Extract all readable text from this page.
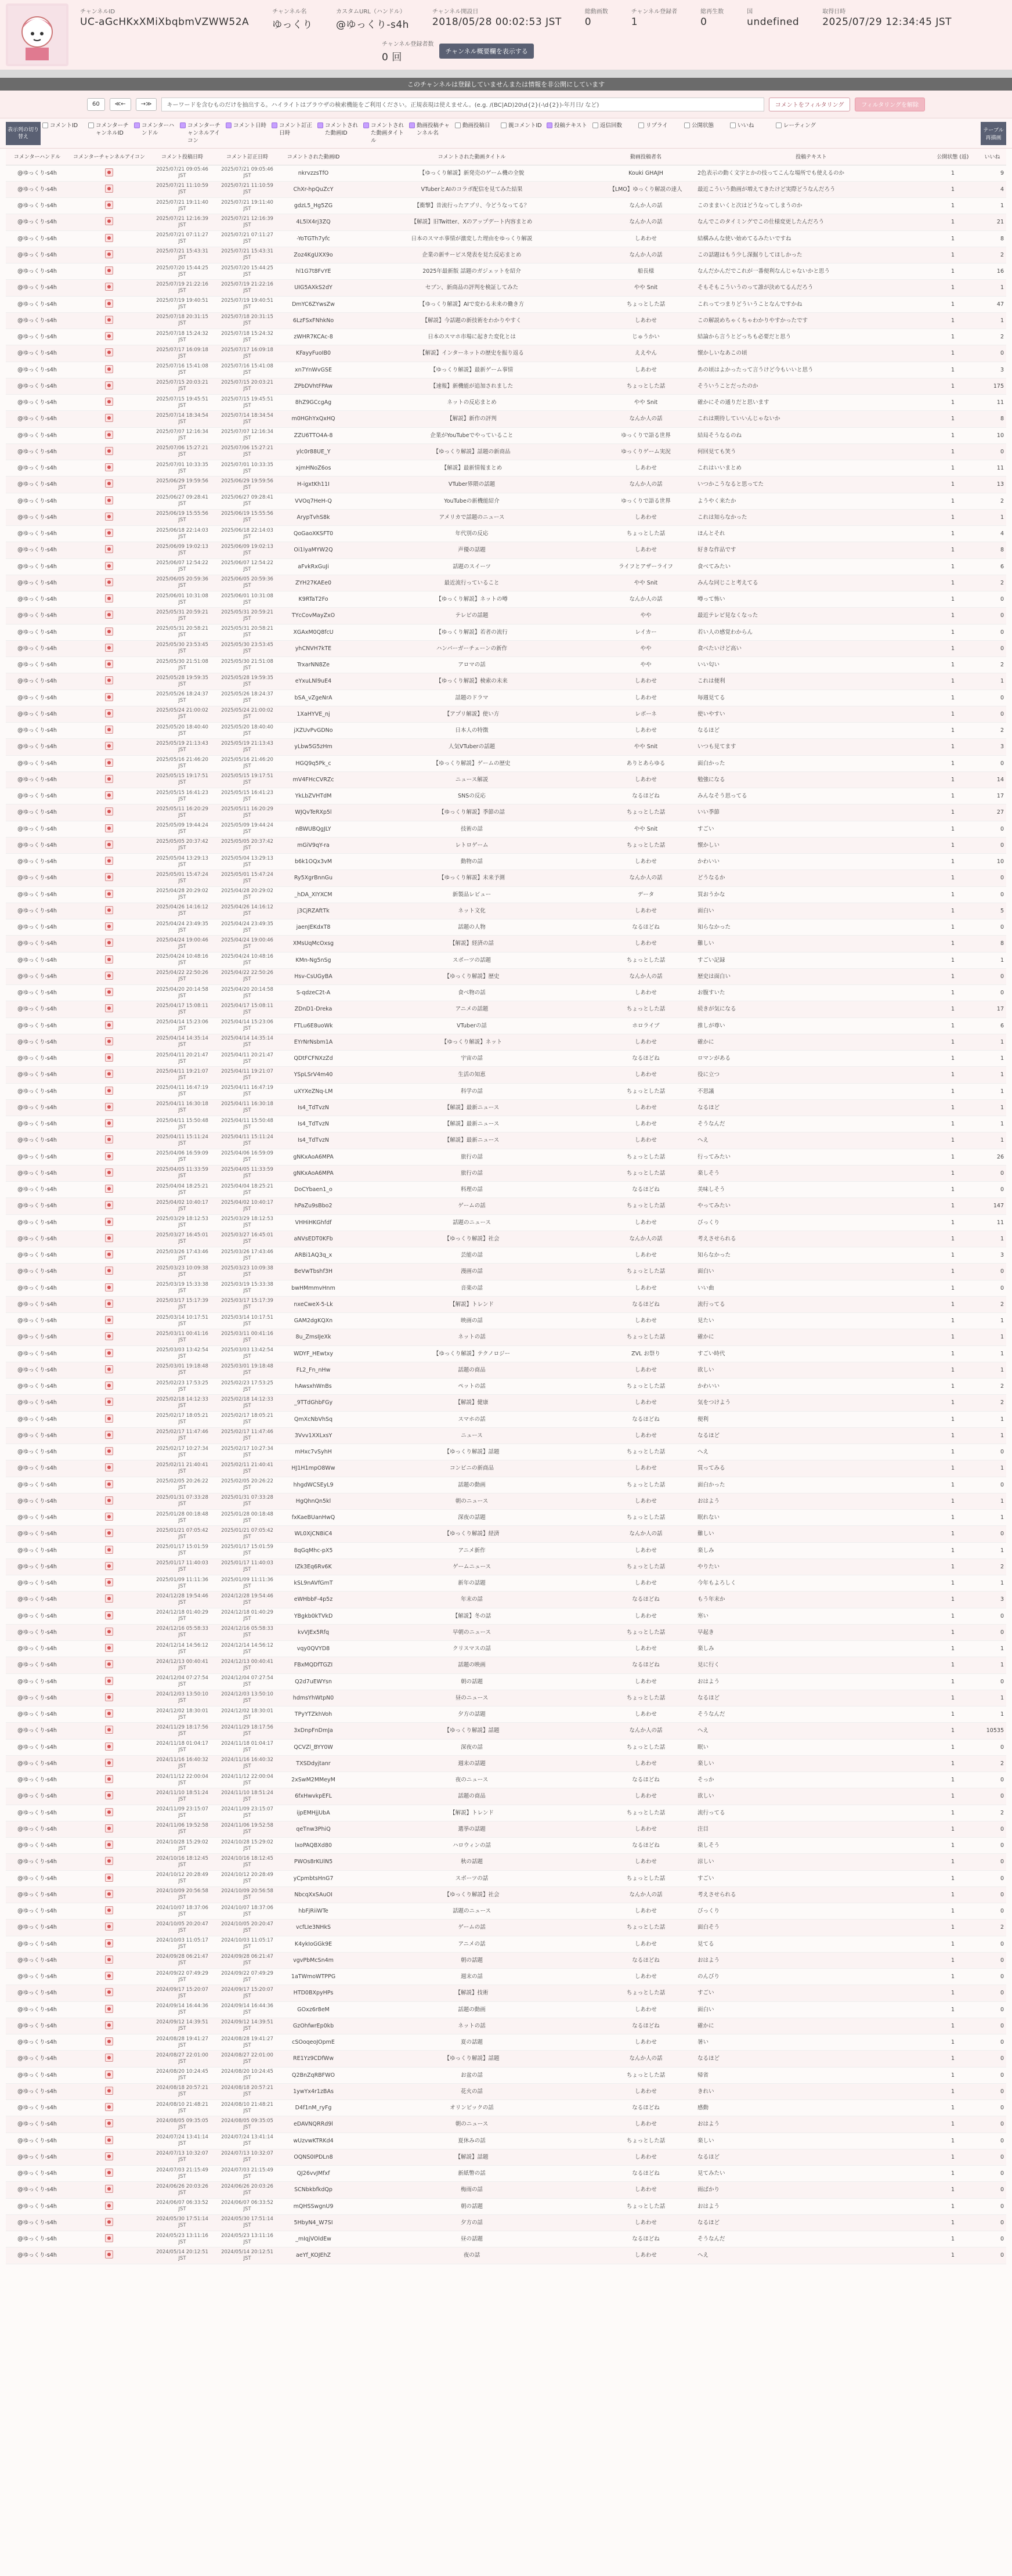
チャンネルID
UC-aGcHKxXMiXbqbmVZWW52A
チャンネル名
ゆっくり
カスタムURL（ハンドル）
@ゆっくり-s4h
チャンネル開設日
2018/05/28 00:02:53 JST
総動画数
0
チャンネル登録者
1
総再生数
0
国
undefined
取得日時
2025/07/29 12:34:45 JST
チャンネル登録者数
0 回
チャンネル概要欄を表示する
このチャンネルは登録していませんまたは情報を非公開にしています
60	≪←	→≫	キーワードを含むものだけを抽出する。ハイライトはブラウザの検索機能をご利用ください。正規表現は使えません。(e.g. /(BC|AD)20\d{2}(-\d{2})-年月日/ など)	コメントをフィルタリング	フィルタリングを解除
表示列の切り替え
コメントID	コメンターチャンネルID
コメンターハンドル
コメンターチャンネルアイコン
コメント日時 コメント訂正日時
コメントされた動画ID
コメントされた動画タイトル
動画投稿チャンネル名
動画投稿日	親コメントID 投稿テキスト 返信回数	リプライ	公開状態	いいね	レーティング
テーブル再描画
コメンターハンドル	コメンターチャンネルアイコン	コメント投稿日時	コメント訂正日時	コメントされた動画ID	コメントされた動画タイトル	動画投稿者名	投稿テキスト	公開状態 (返)	いいね
@ゆっくり-s4h		2025/07/21 09:05:46 JST	2025/07/21 09:05:46 JST	nkrvzzsTfO	【ゆっくり解説】新発売のゲーム機の全貌	Kouki GHAJH	2色表示の動く文字とかの技ってこんな場所でも使えるのか	1	9
@ゆっくり-s4h		2025/07/21 11:10:59 JST	2025/07/21 11:10:59 JST	ChXr-hpQuZcY	VTuberとAIのコラボ配信を見てみた結果	【LMO】ゆっくり解説の達人	最近こういう動画が増えてきたけど実際どうなんだろう	1	4
@ゆっくり-s4h		2025/07/21 19:11:40 JST	2025/07/21 19:11:40 JST	gdzL5_Hg5ZG	【衝撃】昔流行ったアプリ、今どうなってる？	なんか人の話	このままいくと次はどうなってしまうのか	1	1
@ゆっくり-s4h		2025/07/21 12:16:39 JST	2025/07/21 12:16:39 JST	4L5lX4rj3ZQ	【解説】旧Twitter、Xのアップデート内容まとめ	なんか人の話	なんでこのタイミングでこの仕様変更したんだろう	1	21
@ゆっくり-s4h		2025/07/21 07:11:27 JST	2025/07/21 07:11:27 JST	-YoTGTh7yfc	日本のスマホ事情が激変した理由をゆっくり解説	しあわせ	結構みんな使い始めてるみたいですね	1	8
@ゆっくり-s4h		2025/07/21 15:43:31 JST	2025/07/21 15:43:31 JST	Zoz4KgUXX9o	企業の新サービス発表を見た反応まとめ	なんか人の話	この話題はもう少し深掘りしてほしかった	1	2
@ゆっくり-s4h		2025/07/20 15:44:25 JST	2025/07/20 15:44:25 JST	hl1G7t8FvYE	2025年最新版 話題のガジェットを紹介	船長様	なんだかんだでこれが一番便利なんじゃないかと思う	1	16
@ゆっくり-s4h		2025/07/19 21:22:16 JST	2025/07/19 21:22:16 JST	UIG5AXkS2dY	セブン、新商品の評判を検証してみた	やや Snit	そもそもこういうのって誰が決めてるんだろう	1	1
@ゆっくり-s4h		2025/07/19 19:40:51 JST	2025/07/19 19:40:51 JST	DmYC6ZYwsZw	【ゆっくり解説】AIで変わる未来の働き方	ちょっとした話	これってつまりどういうことなんですかね	1	47
@ゆっくり-s4h		2025/07/18 20:31:15 JST	2025/07/18 20:31:15 JST	6LzFSxFNhkNo	【解説】今話題の新技術をわかりやすく	しあわせ	この解説めちゃくちゃわかりやすかったです	1	1
@ゆっくり-s4h		2025/07/18 15:24:32 JST	2025/07/18 15:24:32 JST	zWHR7KCAc-8	日本のスマホ市場に起きた変化とは	じゅうかい	結論から言うとどっちも必要だと思う	1	2
@ゆっくり-s4h		2025/07/17 16:09:18 JST	2025/07/17 16:09:18 JST	KFayyFuoIB0	【解説】インターネットの歴史を振り返る	ええやん	懐かしいなあこの頃	1	0
@ゆっくり-s4h		2025/07/16 15:41:08 JST	2025/07/16 15:41:08 JST	xn7YnWvGSE	【ゆっくり解説】最新ゲーム事情	しあわせ	あの頃はよかったって言うけど今もいいと思う	1	3
@ゆっくり-s4h		2025/07/15 20:03:21 JST	2025/07/15 20:03:21 JST	ZPbDVhtFPAw	【速報】新機能が追加されました	ちょっとした話	そういうことだったのか	1	175
@ゆっくり-s4h		2025/07/15 19:45:51 JST	2025/07/15 19:45:51 JST	8hZ9GCcgAg	ネットの反応まとめ	やや Snit	確かにその通りだと思います	1	11
@ゆっくり-s4h		2025/07/14 18:34:54 JST	2025/07/14 18:34:54 JST	m0HGhYxQxHQ	【解説】新作の評判	なんか人の話	これは期待していいんじゃないか	1	8
@ゆっくり-s4h		2025/07/07 12:16:34 JST	2025/07/07 12:16:34 JST	ZZU6TTO4A-8	企業がYouTubeでやっていること	ゆっくりで語る世界	結局そうなるのね	1	10
@ゆっくり-s4h		2025/07/06 15:27:21 JST	2025/07/06 15:27:21 JST	ylc0r88UE_Y	【ゆっくり解説】話題の新商品	ゆっくりゲーム実況	何回見ても笑う	1	0
@ゆっくり-s4h		2025/07/01 10:33:35 JST	2025/07/01 10:33:35 JST	xjmHNoZ6os	【解説】最新情報まとめ	しあわせ	これはいいまとめ	1	11
@ゆっくり-s4h		2025/06/29 19:59:56 JST	2025/06/29 19:59:56 JST	H-igxtKh11I	VTuber界隈の話題	なんか人の話	いつかこうなると思ってた	1	13
@ゆっくり-s4h		2025/06/27 09:28:41 JST	2025/06/27 09:28:41 JST	VVOq7HeH-Q	YouTubeの新機能紹介	ゆっくりで語る世界	ようやく来たか	1	2
@ゆっくり-s4h		2025/06/19 15:55:56 JST	2025/06/19 15:55:56 JST	ArypTvhS8k	アメリカで話題のニュース	しあわせ	これは知らなかった	1	1
@ゆっくり-s4h		2025/06/18 22:14:03 JST	2025/06/18 22:14:03 JST	QoGaoXKSFT0	年代別の反応	ちょっとした話	ほんとそれ	1	4
@ゆっくり-s4h		2025/06/09 19:02:13 JST	2025/06/09 19:02:13 JST	Oi1lyaMYW2Q	声優の話題	しあわせ	好きな作品です	1	8
@ゆっくり-s4h		2025/06/07 12:54:22 JST	2025/06/07 12:54:22 JST	aFvkRxGuJi	話題のスイーツ	ライフとアザーライフ	食べてみたい	1	6
@ゆっくり-s4h		2025/06/05 20:59:36 JST	2025/06/05 20:59:36 JST	ZYH27KAEe0	最近流行っていること	やや Snit	みんな同じこと考えてる	1	2
@ゆっくり-s4h		2025/06/01 10:31:08 JST	2025/06/01 10:31:08 JST	K9RTaT2Fo	【ゆっくり解説】ネットの噂	なんか人の話	噂って怖い	1	0
@ゆっくり-s4h		2025/05/31 20:59:21 JST	2025/05/31 20:59:21 JST	TYcCovMayZxO	テレビの話題	やや	最近テレビ見なくなった	1	0
@ゆっくり-s4h		2025/05/31 20:58:21 JST	2025/05/31 20:58:21 JST	XGAxM0Q8fcU	【ゆっくり解説】若者の流行	レイカー	若い人の感覚わからん	1	0
@ゆっくり-s4h		2025/05/30 23:53:45 JST	2025/05/30 23:53:45 JST	yhCNVH7kTE	ハンバーガーチェーンの新作	やや	食べたいけど高い	1	0
@ゆっくり-s4h		2025/05/30 21:51:08 JST	2025/05/30 21:51:08 JST	TrxarNN8Ze	アロマの話	やや	いい匂い	1	2
@ゆっくり-s4h		2025/05/28 19:59:35 JST	2025/05/28 19:59:35 JST	eYxuLNl9uE4	【ゆっくり解説】検索の未来	しあわせ	これは便利	1	1
@ゆっくり-s4h		2025/05/26 18:24:37 JST	2025/05/26 18:24:37 JST	bSA_vZgeNrA	話題のドラマ	しあわせ	毎週見てる	1	0
@ゆっくり-s4h		2025/05/24 21:00:02 JST	2025/05/24 21:00:02 JST	1XaHYVE_nj	【アプリ解説】使い方	レボーネ	使いやすい	1	0
@ゆっくり-s4h		2025/05/20 18:40:40 JST	2025/05/20 18:40:40 JST	jXZUvPvGDNo	日本人の特徴	しあわせ	なるほど	1	2
@ゆっくり-s4h		2025/05/19 21:13:43 JST	2025/05/19 21:13:43 JST	yLbw5G5zHm	人気VTuberの話題	やや Snit	いつも見てます	1	3
@ゆっくり-s4h		2025/05/16 21:46:20 JST	2025/05/16 21:46:20 JST	HGQ9q5Pk_c	【ゆっくり解説】ゲームの歴史	ありとあらゆる	面白かった	1	0
@ゆっくり-s4h		2025/05/15 19:17:51 JST	2025/05/15 19:17:51 JST	mV4FHcCVRZc	ニュース解説	しあわせ	勉強になる	1	14
@ゆっくり-s4h		2025/05/15 16:41:23 JST	2025/05/15 16:41:23 JST	YkLbZVHTdM	SNSの反応	なるほどね	みんなそう思ってる	1	17
@ゆっくり-s4h		2025/05/11 16:20:29 JST	2025/05/11 16:20:29 JST	WJQvTeRXp5l	【ゆっくり解説】季節の話	ちょっとした話	いい季節	1	27
@ゆっくり-s4h		2025/05/09 19:44:24 JST	2025/05/09 19:44:24 JST	nBWUBQgJLY	技術の話	やや Snit	すごい	1	0
@ゆっくり-s4h		2025/05/05 20:37:42 JST	2025/05/05 20:37:42 JST	mGiV9qY-ra	レトロゲーム	ちょっとした話	懐かしい	1	0
@ゆっくり-s4h		2025/05/04 13:29:13 JST	2025/05/04 13:29:13 JST	b6k1OQx3vM	動物の話	しあわせ	かわいい	1	10
@ゆっくり-s4h		2025/05/01 15:47:24 JST	2025/05/01 15:47:24 JST	Ry5XgrBnnGu	【ゆっくり解説】未来予測	なんか人の話	どうなるか	1	0
@ゆっくり-s4h		2025/04/28 20:29:02 JST	2025/04/28 20:29:02 JST	_hDA_XIYXCM	新製品レビュー	データ	買おうかな	1	0
@ゆっくり-s4h		2025/04/26 14:16:12 JST	2025/04/26 14:16:12 JST	j3CjRZAftTk	ネット文化	しあわせ	面白い	1	5
@ゆっくり-s4h		2025/04/24 23:49:35 JST	2025/04/24 23:49:35 JST	jaenJEKdxT8	話題の人物	なるほどね	知らなかった	1	0
@ゆっくり-s4h		2025/04/24 19:00:46 JST	2025/04/24 19:00:46 JST	XMsUqMcOxsg	【解説】経済の話	しあわせ	難しい	1	8
@ゆっくり-s4h		2025/04/24 10:48:16 JST	2025/04/24 10:48:16 JST	KMn-Ng5nSg	スポーツの話題	ちょっとした話	すごい記録	1	1
@ゆっくり-s4h		2025/04/22 22:50:26 JST	2025/04/22 22:50:26 JST	Hsv-CsUGyBA	【ゆっくり解説】歴史	なんか人の話	歴史は面白い	1	0
@ゆっくり-s4h		2025/04/20 20:14:58 JST	2025/04/20 20:14:58 JST	S-qdzeC2t-A	食べ物の話	しあわせ	お腹すいた	1	0
@ゆっくり-s4h		2025/04/17 15:08:11 JST	2025/04/17 15:08:11 JST	ZDnD1-Dreka	アニメの話題	ちょっとした話	続きが気になる	1	17
@ゆっくり-s4h		2025/04/14 15:23:06 JST	2025/04/14 15:23:06 JST	FTLu6E8uoWk	VTuberの話	ホロライブ	推しが尊い	1	6
@ゆっくり-s4h		2025/04/14 14:35:14 JST	2025/04/14 14:35:14 JST	EYrNrNsbm1A	【ゆっくり解説】ネット	しあわせ	確かに	1	1
@ゆっくり-s4h		2025/04/11 20:21:47 JST	2025/04/11 20:21:47 JST	QDtFCFNXzZd	宇宙の話	なるほどね	ロマンがある	1	1
@ゆっくり-s4h		2025/04/11 19:21:07 JST	2025/04/11 19:21:07 JST	YSpLSrV4m40	生活の知恵	しあわせ	役に立つ	1	1
@ゆっくり-s4h		2025/04/11 16:47:19 JST	2025/04/11 16:47:19 JST	uXYXeZNq-LM	科学の話	ちょっとした話	不思議	1	1
@ゆっくり-s4h		2025/04/11 16:30:18 JST	2025/04/11 16:30:18 JST	Is4_TdTvzN	【解説】最新ニュース	しあわせ	なるほど	1	1
@ゆっくり-s4h		2025/04/11 15:50:48 JST	2025/04/11 15:50:48 JST	Is4_TdTvzN	【解説】最新ニュース	しあわせ	そうなんだ	1	1
@ゆっくり-s4h		2025/04/11 15:11:24 JST	2025/04/11 15:11:24 JST	Is4_TdTvzN	【解説】最新ニュース	しあわせ	へえ	1	1
@ゆっくり-s4h		2025/04/06 16:59:09 JST	2025/04/06 16:59:09 JST	gNKxAoA6MPA	旅行の話	ちょっとした話	行ってみたい	1	26
@ゆっくり-s4h		2025/04/05 11:33:59 JST	2025/04/05 11:33:59 JST	gNKxAoA6MPA	旅行の話	ちょっとした話	楽しそう	1	0
@ゆっくり-s4h		2025/04/04 18:25:21 JST	2025/04/04 18:25:21 JST	DoCYbaen1_o	料理の話	なるほどね	美味しそう	1	0
@ゆっくり-s4h		2025/04/02 10:40:17 JST	2025/04/02 10:40:17 JST	hPaZu9sBbo2	ゲームの話	ちょっとした話	やってみたい	1	147
@ゆっくり-s4h		2025/03/29 18:12:53 JST	2025/03/29 18:12:53 JST	VHHiHKGhfdf	話題のニュース	しあわせ	びっくり	1	11
@ゆっくり-s4h		2025/03/27 16:45:01 JST	2025/03/27 16:45:01 JST	aNVsEDT0KFb	【ゆっくり解説】社会	なんか人の話	考えさせられる	1	1
@ゆっくり-s4h		2025/03/26 17:43:46 JST	2025/03/26 17:43:46 JST	ARBi1AQ3q_x	芸能の話	しあわせ	知らなかった	1	3
@ゆっくり-s4h		2025/03/23 10:09:38 JST	2025/03/23 10:09:38 JST	BeVwTbshf3H	漫画の話	ちょっとした話	面白い	1	0
@ゆっくり-s4h		2025/03/19 15:33:38 JST	2025/03/19 15:33:38 JST	bwHMmmvHnm	音楽の話	しあわせ	いい曲	1	0
@ゆっくり-s4h		2025/03/17 15:17:39 JST	2025/03/17 15:17:39 JST	nxeCweX-5-Lk	【解説】トレンド	なるほどね	流行ってる	1	2
@ゆっくり-s4h		2025/03/14 10:17:51 JST	2025/03/14 10:17:51 JST	GAM2dgKQXn	映画の話	しあわせ	見たい	1	1
@ゆっくり-s4h		2025/03/11 00:41:16 JST	2025/03/11 00:41:16 JST	8u_ZmsIJeXk	ネットの話	ちょっとした話	確かに	1	1
@ゆっくり-s4h		2025/03/03 13:42:54 JST	2025/03/03 13:42:54 JST	WDYF_HEwtxy	【ゆっくり解説】テクノロジー	ZVL お祭り	すごい時代	1	1
@ゆっくり-s4h		2025/03/01 19:18:48 JST	2025/03/01 19:18:48 JST	FL2_Fn_nHw	話題の商品	しあわせ	欲しい	1	1
@ゆっくり-s4h		2025/02/23 17:53:25 JST	2025/02/23 17:53:25 JST	hAwsxhWnBs	ペットの話	ちょっとした話	かわいい	1	2
@ゆっくり-s4h		2025/02/18 14:12:33 JST	2025/02/18 14:12:33 JST	_9TTdGhbFGy	【解説】健康	しあわせ	気をつけよう	1	2
@ゆっくり-s4h		2025/02/17 18:05:21 JST	2025/02/17 18:05:21 JST	QmXcNbVhSq	スマホの話	なるほどね	便利	1	1
@ゆっくり-s4h		2025/02/17 11:47:46 JST	2025/02/17 11:47:46 JST	3Vvv1XXLxsY	ニュース	しあわせ	なるほど	1	1
@ゆっくり-s4h		2025/02/17 10:27:34 JST	2025/02/17 10:27:34 JST	mHxc7vSyhH	【ゆっくり解説】話題	ちょっとした話	へえ	1	0
@ゆっくり-s4h		2025/02/11 21:40:41 JST	2025/02/11 21:40:41 JST	HJ1H1mpO8Ww	コンビニの新商品	しあわせ	買ってみる	1	1
@ゆっくり-s4h		2025/02/05 20:26:22 JST	2025/02/05 20:26:22 JST	hhgdWCSEyL9	話題の動画	ちょっとした話	面白かった	1	0
@ゆっくり-s4h		2025/01/31 07:33:28 JST	2025/01/31 07:33:28 JST	HgQhnQn5kl	朝のニュース	しあわせ	おはよう	1	1
@ゆっくり-s4h		2025/01/28 00:18:48 JST	2025/01/28 00:18:48 JST	fxKaeBUanHwQ	深夜の話題	ちょっとした話	眠れない	1	1
@ゆっくり-s4h		2025/01/21 07:05:42 JST	2025/01/21 07:05:42 JST	WL0XjCN8iC4	【ゆっくり解説】経済	なんか人の話	難しい	1	0
@ゆっくり-s4h		2025/01/17 15:01:59 JST	2025/01/17 15:01:59 JST	8qGqMhc-pX5	アニメ新作	しあわせ	楽しみ	1	1
@ゆっくり-s4h		2025/01/17 11:40:03 JST	2025/01/17 11:40:03 JST	IZk3Eq6Rv6K	ゲームニュース	ちょっとした話	やりたい	1	2
@ゆっくり-s4h		2025/01/09 11:11:36 JST	2025/01/09 11:11:36 JST	kSL9nAVfGmT	新年の話題	しあわせ	今年もよろしく	1	1
@ゆっくり-s4h		2024/12/28 19:54:46 JST	2024/12/28 19:54:46 JST	eWHbbF-4p5z	年末の話	なるほどね	もう年末か	1	3
@ゆっくり-s4h		2024/12/18 01:40:29 JST	2024/12/18 01:40:29 JST	YBgkb0kTVkD	【解説】冬の話	しあわせ	寒い	1	0
@ゆっくり-s4h		2024/12/16 05:58:33 JST	2024/12/16 05:58:33 JST	kvVJEx5Rfq	早朝のニュース	ちょっとした話	早起き	1	0
@ゆっくり-s4h		2024/12/14 14:56:12 JST	2024/12/14 14:56:12 JST	vqy0QVYD8	クリスマスの話	しあわせ	楽しみ	1	1
@ゆっくり-s4h		2024/12/13 00:40:41 JST	2024/12/13 00:40:41 JST	FBxMQDfTGZI	話題の映画	なるほどね	見に行く	1	1
@ゆっくり-s4h		2024/12/04 07:27:54 JST	2024/12/04 07:27:54 JST	Q2d7uEWYsn	朝の話題	しあわせ	おはよう	1	0
@ゆっくり-s4h		2024/12/03 13:50:10 JST	2024/12/03 13:50:10 JST	hdmsYhWtpN0	昼のニュース	ちょっとした話	なるほど	1	1
@ゆっくり-s4h		2024/12/02 18:30:01 JST	2024/12/02 18:30:01 JST	TPyYTZkhVoh	夕方の話題	しあわせ	そうなんだ	1	1
@ゆっくり-s4h		2024/11/29 18:17:56 JST	2024/11/29 18:17:56 JST	3xDnpFnDmJa	【ゆっくり解説】話題	なんか人の話	へえ	1	10535
@ゆっくり-s4h		2024/11/18 01:04:17 JST	2024/11/18 01:04:17 JST	QCVZl_BYY0W	深夜の話	ちょっとした話	眠い	1	0
@ゆっくり-s4h		2024/11/16 16:40:32 JST	2024/11/16 16:40:32 JST	TXSDdyjtanr	週末の話題	しあわせ	楽しい	1	2
@ゆっくり-s4h		2024/11/12 22:00:04 JST	2024/11/12 22:00:04 JST	2xSwM2MMeyM	夜のニュース	なるほどね	そっか	1	0
@ゆっくり-s4h		2024/11/10 18:51:24 JST	2024/11/10 18:51:24 JST	6fxHwvkpEFL	話題の商品	しあわせ	欲しい	1	0
@ゆっくり-s4h		2024/11/09 23:15:07 JST	2024/11/09 23:15:07 JST	ijpEMHjjUbA	【解説】トレンド	ちょっとした話	流行ってる	1	2
@ゆっくり-s4h		2024/11/06 19:52:58 JST	2024/11/06 19:52:58 JST	qeTnw3PhiQ	選挙の話題	しあわせ	注目	1	0
@ゆっくり-s4h		2024/10/28 15:29:02 JST	2024/10/28 15:29:02 JST	lxoPAQBXd80	ハロウィンの話	なるほどね	楽しそう	1	0
@ゆっくり-s4h		2024/10/16 18:12:45 JST	2024/10/16 18:12:45 JST	PWOs8rKUlN5	秋の話題	しあわせ	涼しい	1	0
@ゆっくり-s4h		2024/10/12 20:28:49 JST	2024/10/12 20:28:49 JST	yCpmbtsHnG7	スポーツの話	ちょっとした話	すごい	1	0
@ゆっくり-s4h		2024/10/09 20:56:58 JST	2024/10/09 20:56:58 JST	NbcqXxSAuOI	【ゆっくり解説】社会	なんか人の話	考えさせられる	1	0
@ゆっくり-s4h		2024/10/07 18:37:06 JST	2024/10/07 18:37:06 JST	hbFjRiiWTe	話題のニュース	しあわせ	びっくり	1	0
@ゆっくり-s4h		2024/10/05 20:20:47 JST	2024/10/05 20:20:47 JST	vcfLIe3NHkS	ゲームの話	ちょっとした話	面白そう	1	2
@ゆっくり-s4h		2024/10/03 11:05:17 JST	2024/10/03 11:05:17 JST	K4ykIoGGk9E	アニメの話	しあわせ	見てる	1	0
@ゆっくり-s4h		2024/09/28 06:21:47 JST	2024/09/28 06:21:47 JST	vgvPbMcSn4m	朝の話題	なるほどね	おはよう	1	0
@ゆっくり-s4h		2024/09/22 07:49:29 JST	2024/09/22 07:49:29 JST	1aTWmoWTPPG	週末の話	しあわせ	のんびり	1	0
@ゆっくり-s4h		2024/09/17 15:20:07 JST	2024/09/17 15:20:07 JST	HTD0BXpyHPs	【解説】技術	ちょっとした話	すごい	1	0
@ゆっくり-s4h		2024/09/14 16:44:36 JST	2024/09/14 16:44:36 JST	GOxz6r8eM	話題の動画	しあわせ	面白い	1	0
@ゆっくり-s4h		2024/09/12 14:39:51 JST	2024/09/12 14:39:51 JST	GzOhfwrEp0kb	ネットの話	なるほどね	確かに	1	0
@ゆっくり-s4h		2024/08/28 19:41:27 JST	2024/08/28 19:41:27 JST	cSOoqeoJOpmE	夏の話題	しあわせ	暑い	1	0
@ゆっくり-s4h		2024/08/27 22:01:00 JST	2024/08/27 22:01:00 JST	RE1Yz9CDfWw	【ゆっくり解説】話題	なんか人の話	なるほど	1	0
@ゆっくり-s4h		2024/08/20 10:24:45 JST	2024/08/20 10:24:45 JST	Q2BnZqRBFWO	お盆の話	ちょっとした話	帰省	1	0
@ゆっくり-s4h		2024/08/18 20:57:21 JST	2024/08/18 20:57:21 JST	1ywYx4r1zBAs	花火の話	しあわせ	きれい	1	0
@ゆっくり-s4h		2024/08/10 21:48:21 JST	2024/08/10 21:48:21 JST	D4f1nM_ryFg	オリンピックの話	なるほどね	感動	1	0
@ゆっくり-s4h		2024/08/05 09:35:05 JST	2024/08/05 09:35:05 JST	eDAVNQRRd9l	朝のニュース	しあわせ	おはよう	1	0
@ゆっくり-s4h		2024/07/24 13:41:14 JST	2024/07/24 13:41:14 JST	wUzvwKTRKd4	夏休みの話	ちょっとした話	楽しい	1	0
@ゆっくり-s4h		2024/07/13 10:32:07 JST	2024/07/13 10:32:07 JST	OQNS0IPDLn8	【解説】話題	しあわせ	なるほど	1	0
@ゆっくり-s4h		2024/07/03 21:15:49 JST	2024/07/03 21:15:49 JST	QJ26vvJMfxf	新紙幣の話	なるほどね	見てみたい	1	0
@ゆっくり-s4h		2024/06/26 20:03:26 JST	2024/06/26 20:03:26 JST	SCNbkbfkdQp	梅雨の話	しあわせ	雨ばかり	1	0
@ゆっくり-s4h		2024/06/07 06:33:52 JST	2024/06/07 06:33:52 JST	mQHSSwgnU9	朝の話題	ちょっとした話	おはよう	1	0
@ゆっくり-s4h		2024/05/30 17:51:14 JST	2024/05/30 17:51:14 JST	5HbyN4_W7SI	夕方の話	しあわせ	なるほど	1	0
@ゆっくり-s4h		2024/05/23 13:11:16 JST	2024/05/23 13:11:16 JST	_mIqjVOldEw	昼の話題	なるほどね	そうなんだ	1	0
@ゆっくり-s4h		2024/05/14 20:12:51 JST	2024/05/14 20:12:51 JST	aeYf_KOJEhZ	夜の話	しあわせ	へえ	1	0
